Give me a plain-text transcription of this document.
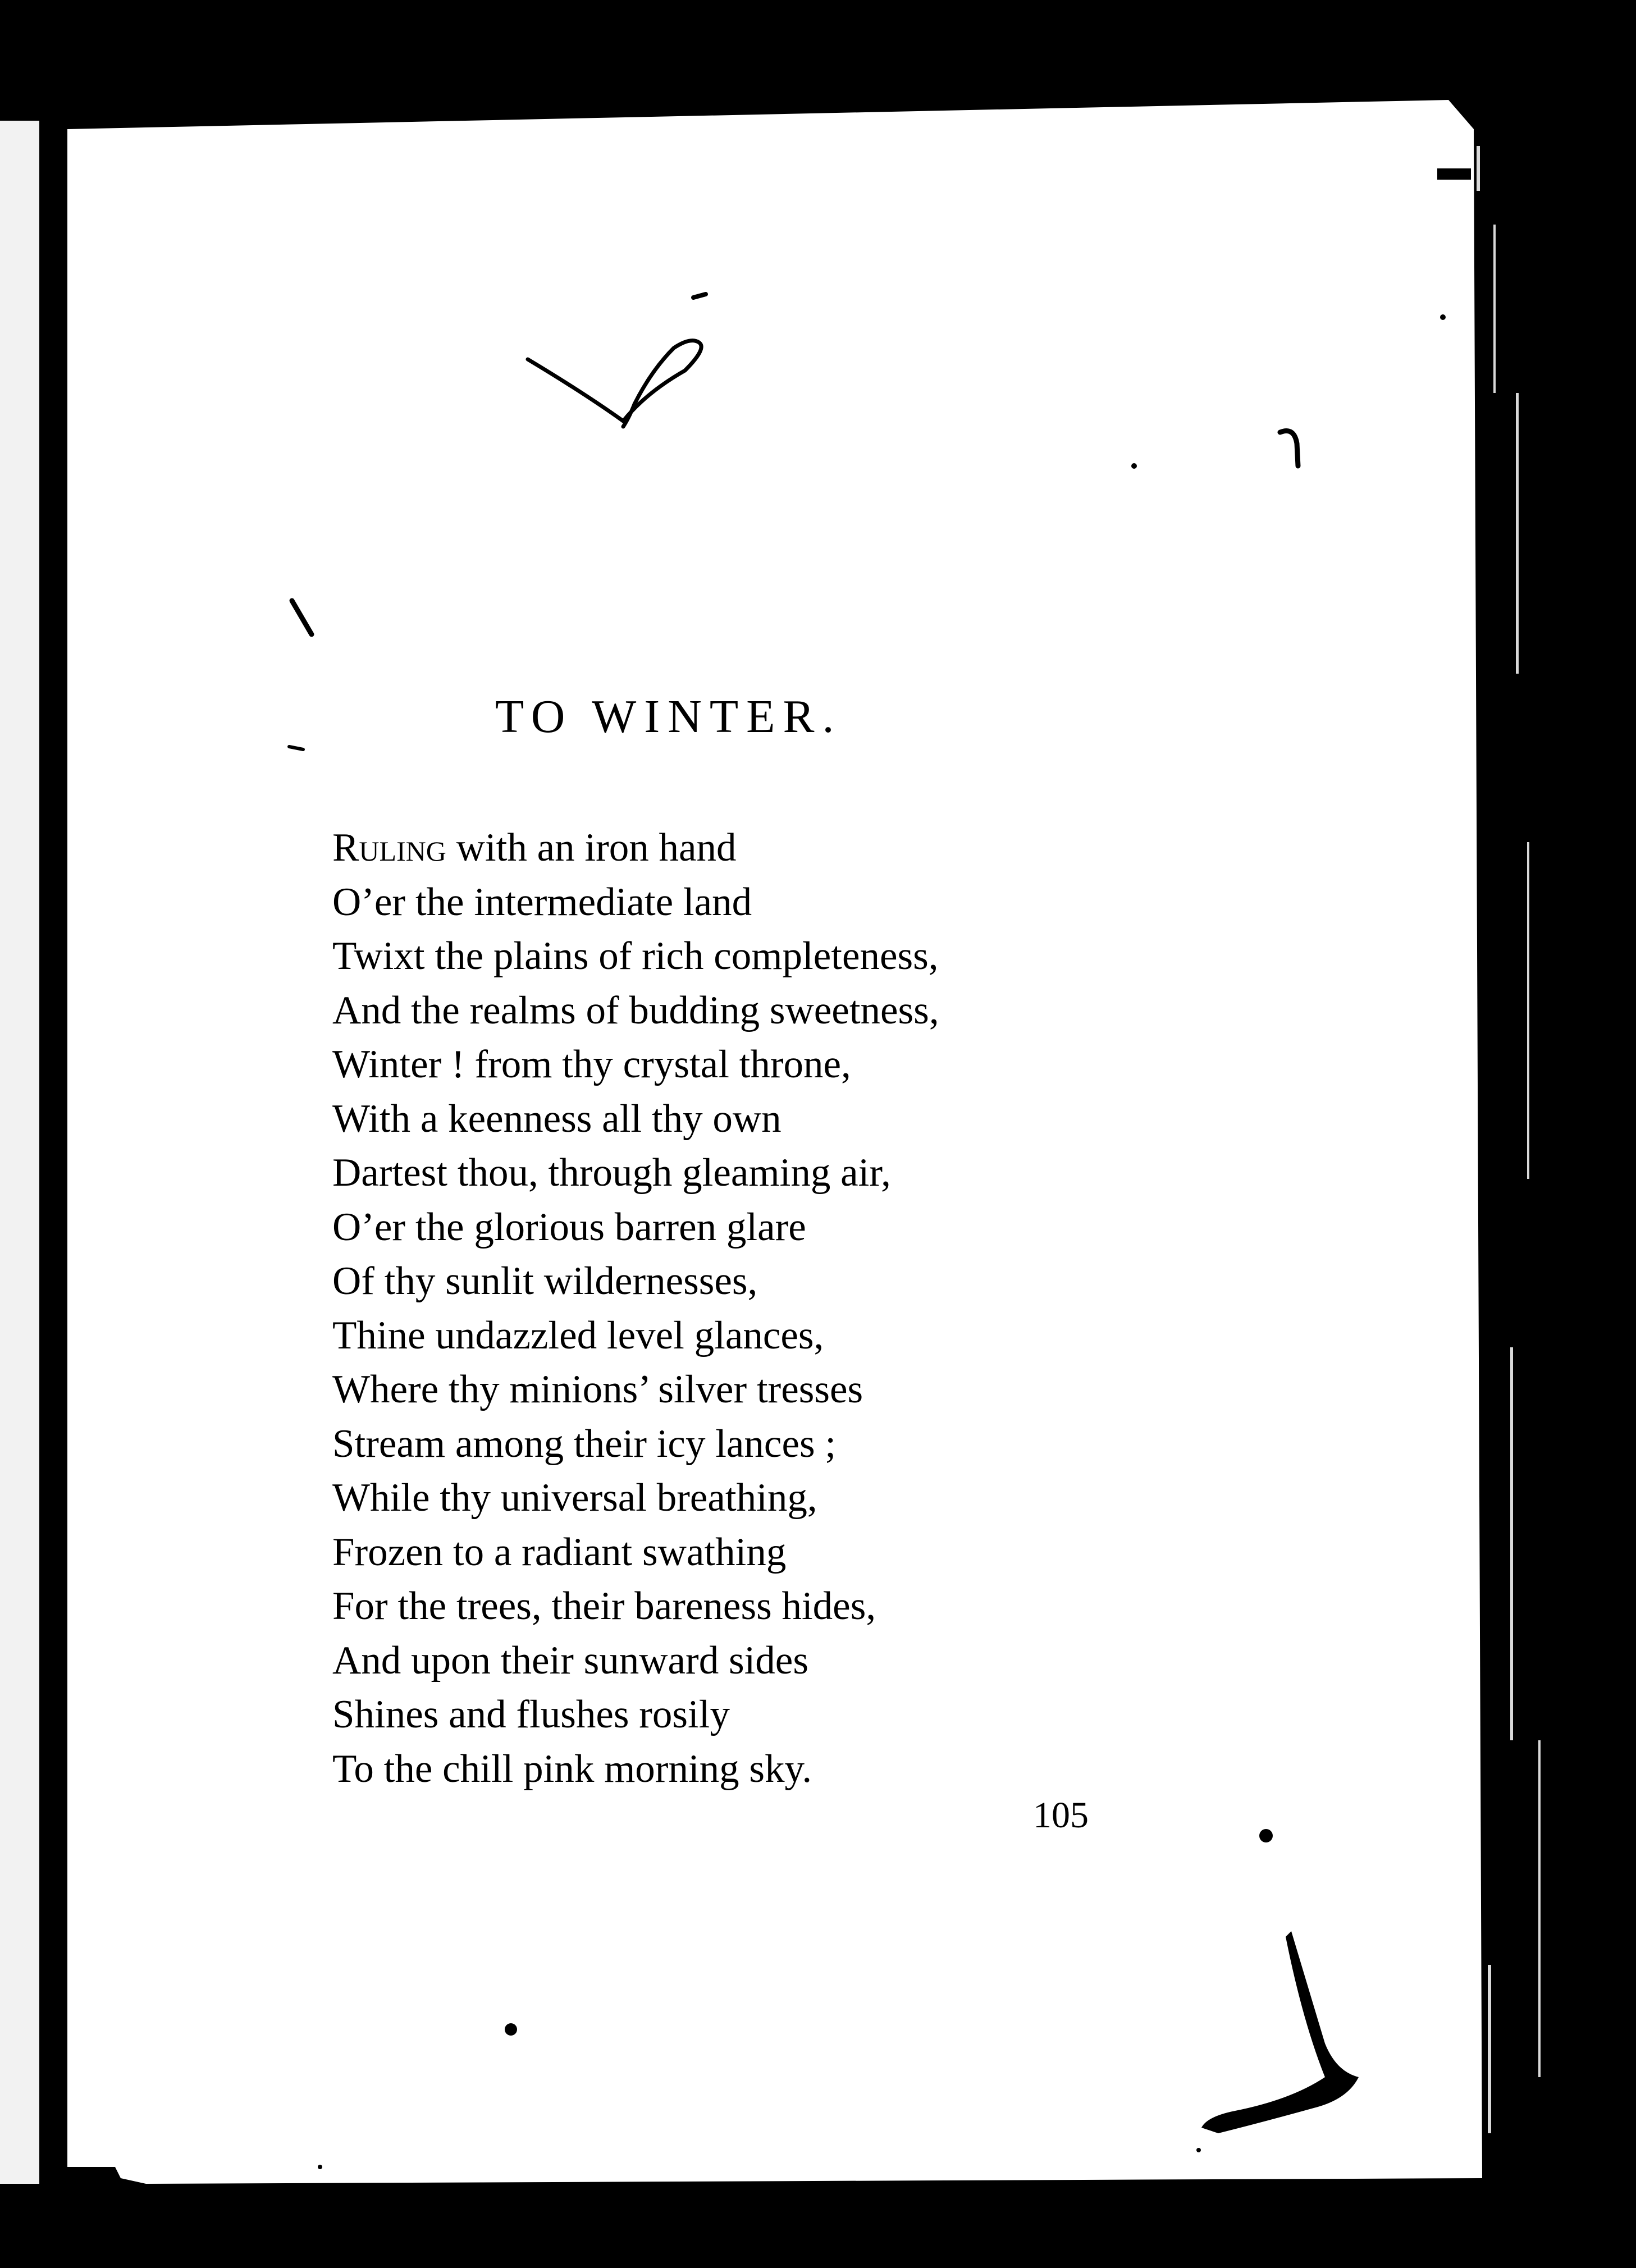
TO WINTER.
Ruling with an iron hand
O’er the intermediate land
Twixt the plains of rich completeness,
And the realms of budding sweetness,
Winter ! from thy crystal throne,
With a keenness all thy own
Dartest thou, through gleaming air,
O’er the glorious barren glare
Of thy sunlit wildernesses,
Thine undazzled level glances,
Where thy minions’ silver tresses
Stream among their icy lances ;
While thy universal breathing,
Frozen to a radiant swathing
For the trees, their bareness hides,
And upon their sunward sides
Shines and flushes rosily
To the chill pink morning sky.
105
